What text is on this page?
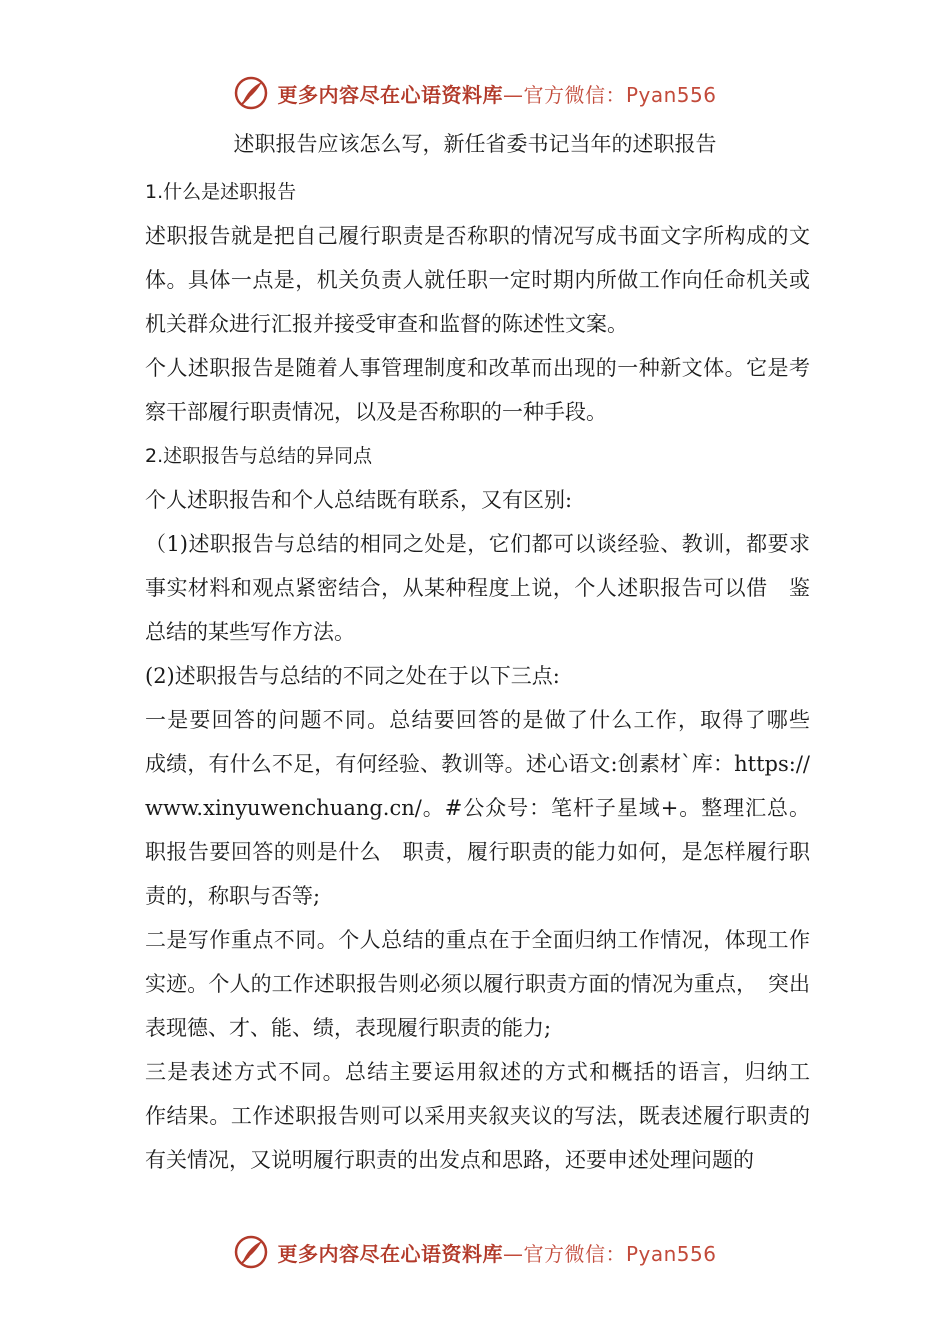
更多内容尽在心语资料库—官方微信：Pyan556
述职报告应该怎么写，新任省委书记当年的述职报告

1.什么是述职报告

述职报告就是把自己履行职责是否称职的情况写成书面文字所构成的文体。具体一点是，机关负责人就任职一定时期内所做工作向任命机关或机关群众进行汇报并接受审查和监督的陈述性文案。

个人述职报告是随着人事管理制度和改革而出现的一种新文体。它是考察干部履行职责情况，以及是否称职的一种手段。

2.述职报告与总结的异同点

个人述职报告和个人总结既有联系，又有区别:

（1)述职报告与总结的相同之处是，它们都可以谈经验、教训，都要求事实材料和观点紧密结合，从某种程度上说，个人述职报告可以借　鉴总结的某些写作方法。

(2)述职报告与总结的不同之处在于以下三点:

一是要回答的问题不同。总结要回答的是做了什么工作，取得了哪些　成绩，有什么不足，有何经验、教训等。述心语文:创素材`库：https://www.xinyuwenchuang.cn/。#公众号：笔杆子星域+。整理汇总。职报告要回答的则是什么　职责，履行职责的能力如何，是怎样履行职责的，称职与否等;

二是写作重点不同。个人总结的重点在于全面归纳工作情况，体现工作实迹。个人的工作述职报告则必须以履行职责方面的情况为重点，　突出表现德、才、能、绩，表现履行职责的能力;

三是表述方式不同。总结主要运用叙述的方式和概括的语言，归纳工　作结果。工作述职报告则可以采用夹叙夹议的写法，既表述履行职责的有关情况，又说明履行职责的出发点和思路，还要申述处理问题的

更多内容尽在心语资料库—官方微信：Pyan556
